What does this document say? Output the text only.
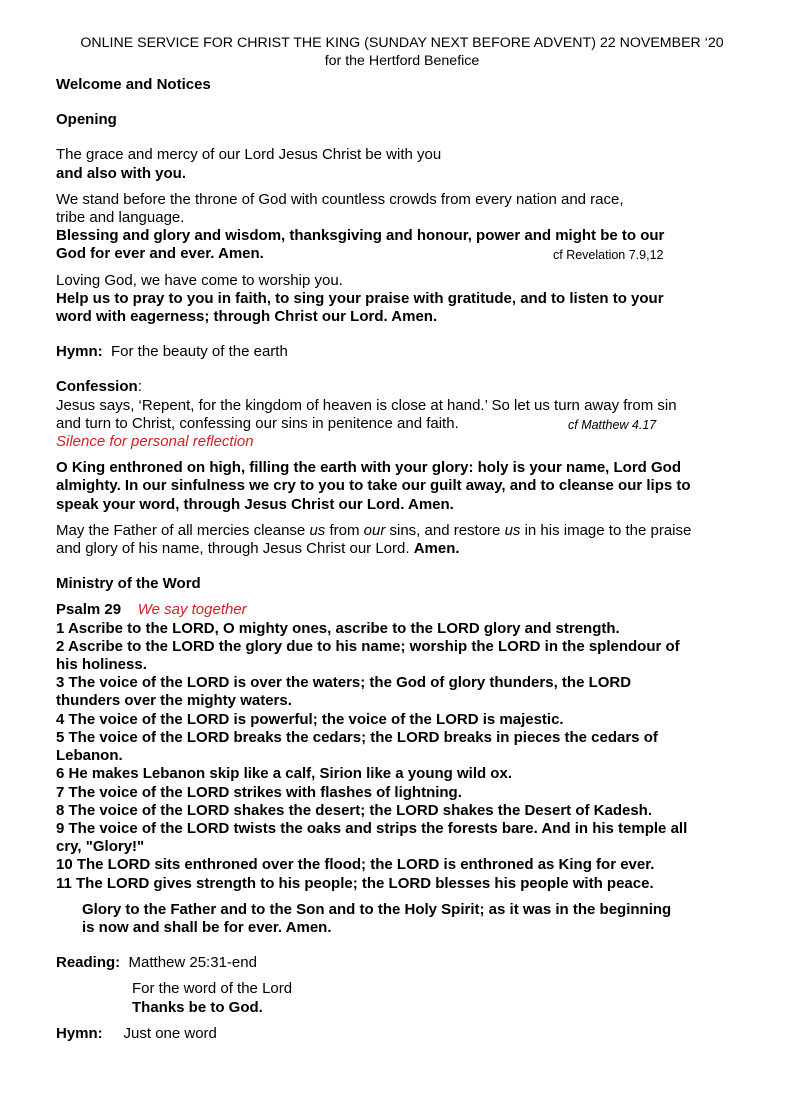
ONLINE SERVICE FOR CHRIST THE KING (SUNDAY NEXT BEFORE ADVENT) 22 NOVEMBER ‘20

for the Hertford Benefice

Welcome and Notices

Opening

The grace and mercy of our Lord Jesus Christ be with you

and also with you.

We stand before the throne of God with countless crowds from every nation and race,

tribe and language.

Blessing and glory and wisdom, thanksgiving and honour, power and might be to our

God for ever and ever. Amen.	cf Revelation 7.9,12

Loving God, we have come to worship you.

Help us to pray to you in faith, to sing your praise with gratitude, and to listen to your

word with eagerness; through Christ our Lord. Amen.

Hymn: For the beauty of the earth

Confession:

Jesus says, ‘Repent, for the kingdom of heaven is close at hand.’ So let us turn away from sin

and turn to Christ, confessing our sins in penitence and faith.	cf Matthew 4.17

Silence for personal reflection

O King enthroned on high, filling the earth with your glory: holy is your name, Lord God

almighty. In our sinfulness we cry to you to take our guilt away, and to cleanse our lips to

speak your word, through Jesus Christ our Lord. Amen.

May the Father of all mercies cleanse us from our sins, and restore us in his image to the praise

and glory of his name, through Jesus Christ our Lord. Amen.

Ministry of the Word

Psalm 29 We say together

1 Ascribe to the LORD, O mighty ones, ascribe to the LORD glory and strength.

2 Ascribe to the LORD the glory due to his name; worship the LORD in the splendour of

his holiness.

3 The voice of the LORD is over the waters; the God of glory thunders, the LORD

thunders over the mighty waters.

4 The voice of the LORD is powerful; the voice of the LORD is majestic.

5 The voice of the LORD breaks the cedars; the LORD breaks in pieces the cedars of

Lebanon.

6 He makes Lebanon skip like a calf, Sirion like a young wild ox.

7 The voice of the LORD strikes with flashes of lightning.

8 The voice of the LORD shakes the desert; the LORD shakes the Desert of Kadesh.

9 The voice of the LORD twists the oaks and strips the forests bare. And in his temple all

cry, "Glory!"

10 The LORD sits enthroned over the flood; the LORD is enthroned as King for ever.

11 The LORD gives strength to his people; the LORD blesses his people with peace.

Glory to the Father and to the Son and to the Holy Spirit; as it was in the beginning

is now and shall be for ever. Amen.

Reading: Matthew 25:31-end

For the word of the Lord

Thanks be to God.

Hymn: Just one word
